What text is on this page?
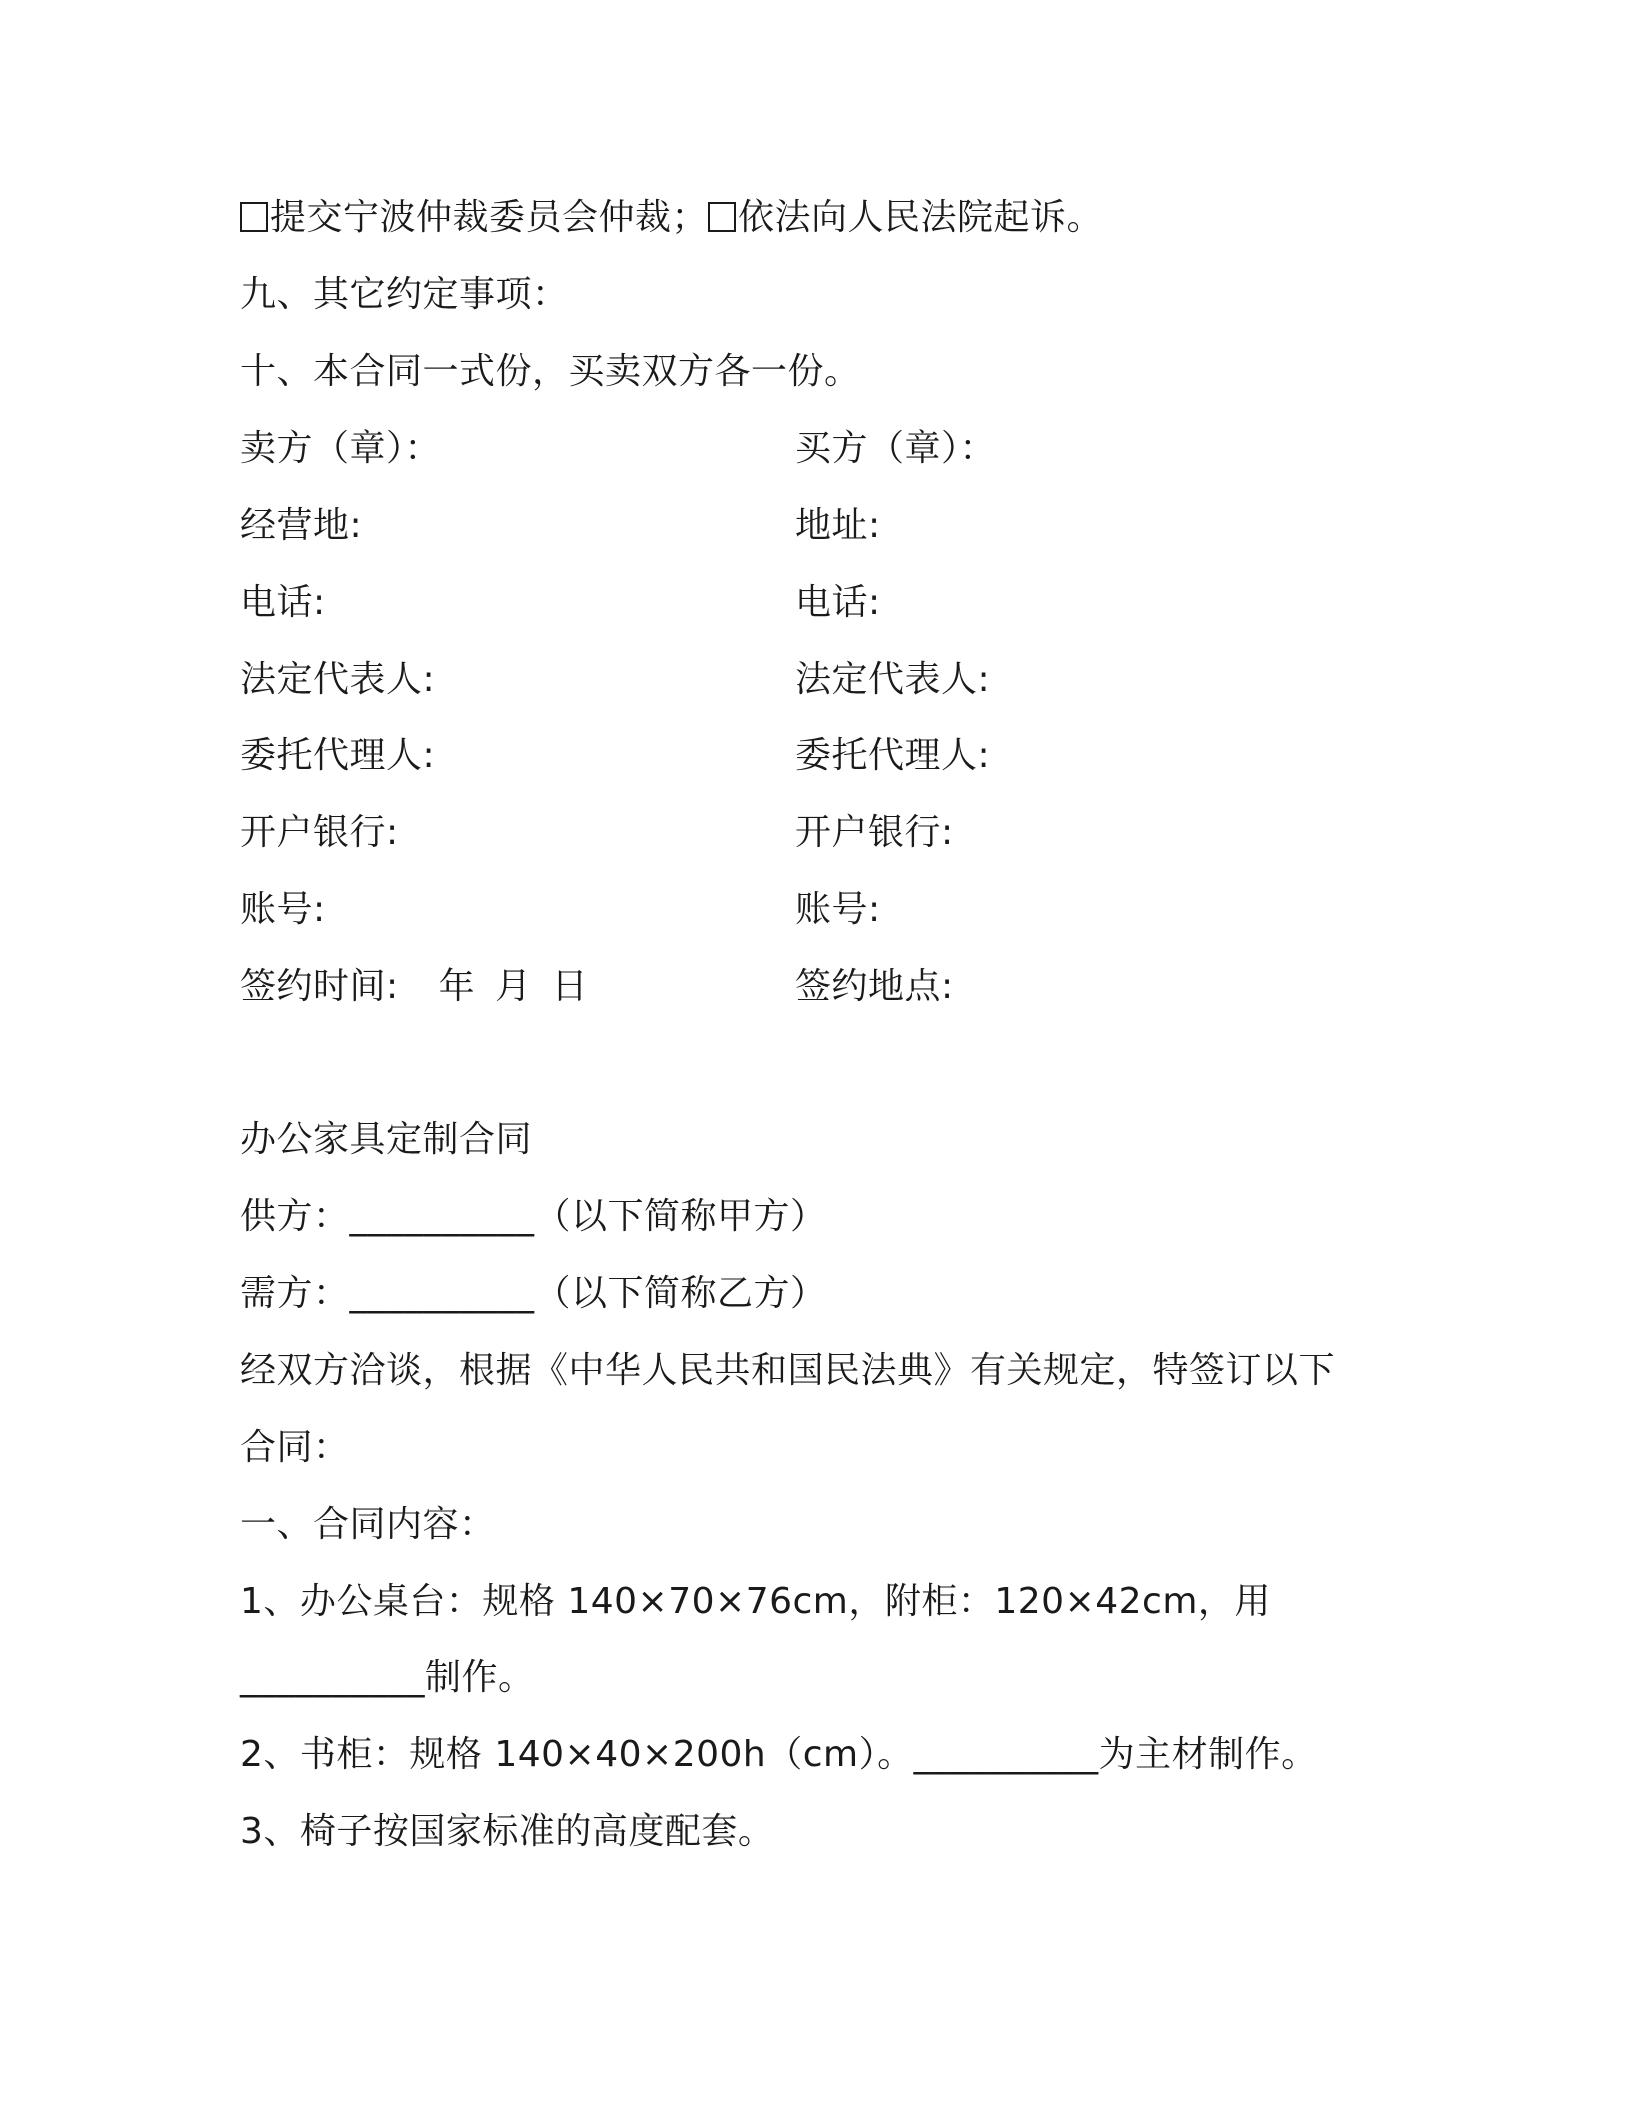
提交宁波仲裁委员会仲裁； 依法向人民法院起诉。
九、其它约定事项：
十、本合同一式份，买卖双方各一份。
卖方（章）：
经营地:
电话:
法定代表人:
委托代理人:
开户银行:
账号:
签约时间: 年 月 日
买方（章）：
地址:
电话:
法定代表人:
委托代理人:
开户银行:
账号:
签约地点:
办公家具定制合同
供方：__________（以下简称甲方）
需方：__________（以下简称乙方）
经双方洽谈，根据《中华人民共和国民法典》有关规定，特签订以下
合同：
一、合同内容：
1、办公桌台：规格 140×70×76cm，附柜：120×42cm，用
__________制作。
2、书柜：规格 140×40×200h（cm）。__________为主材制作。
3、椅子按国家标准的高度配套。
